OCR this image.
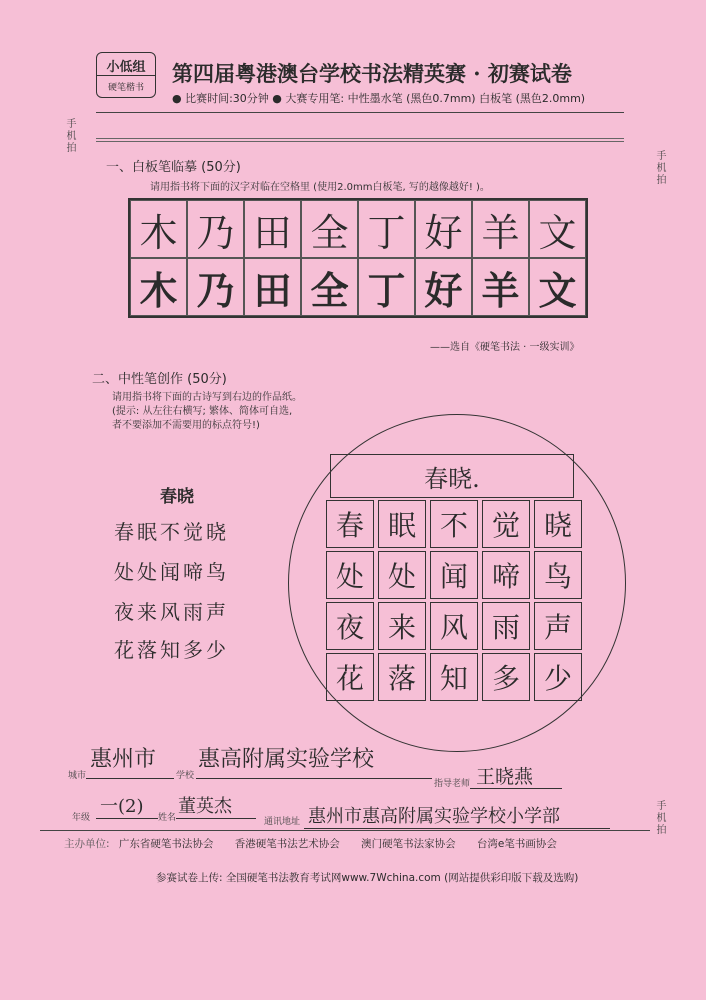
小低组
硬笔楷书
第四届粤港澳台学校书法精英赛 · 初赛试卷
● 比赛时间:30分钟 ● 大赛专用笔: 中性墨水笔 (黑色0.7mm) 白板笔 (黑色2.0mm)
手机拍
手机拍
手机拍
一、白板笔临摹 (50分)
请用指书将下面的汉字对临在空格里 (使用2.0mm白板笔, 写的越像越好! )。
木 乃 田 全 丁 好 羊 文
木 乃 田 全 丁 好 羊 文
——选自《硬笔书法 · 一级实训》
二、中性笔创作 (50分)
请用指书将下面的古诗写到右边的作品纸。
(提示: 从左往右横写; 繁体、简体可自选,
者不要添加不需要用的标点符号!)
春晓
春眠不觉晓
处处闻啼鸟
夜来风雨声
花落知多少
春晓.
春 眠 不 觉 晓
处 处 闻 啼 鸟
夜 来 风 雨 声
花 落 知 多 少
城市
惠州市
学校
惠高附属实验学校
指导老师 王晓燕
年级
一(2)
姓名
董英杰
通讯地址 惠州市惠高附属实验学校小学部
主办单位: 广东省硬笔书法协会 香港硬笔书法艺术协会 澳门硬笔书法家协会 台湾e笔书画协会
参赛试卷上传: 全国硬笔书法教育考试网www.7Wchina.com (网站提供彩印版下载及选购)
